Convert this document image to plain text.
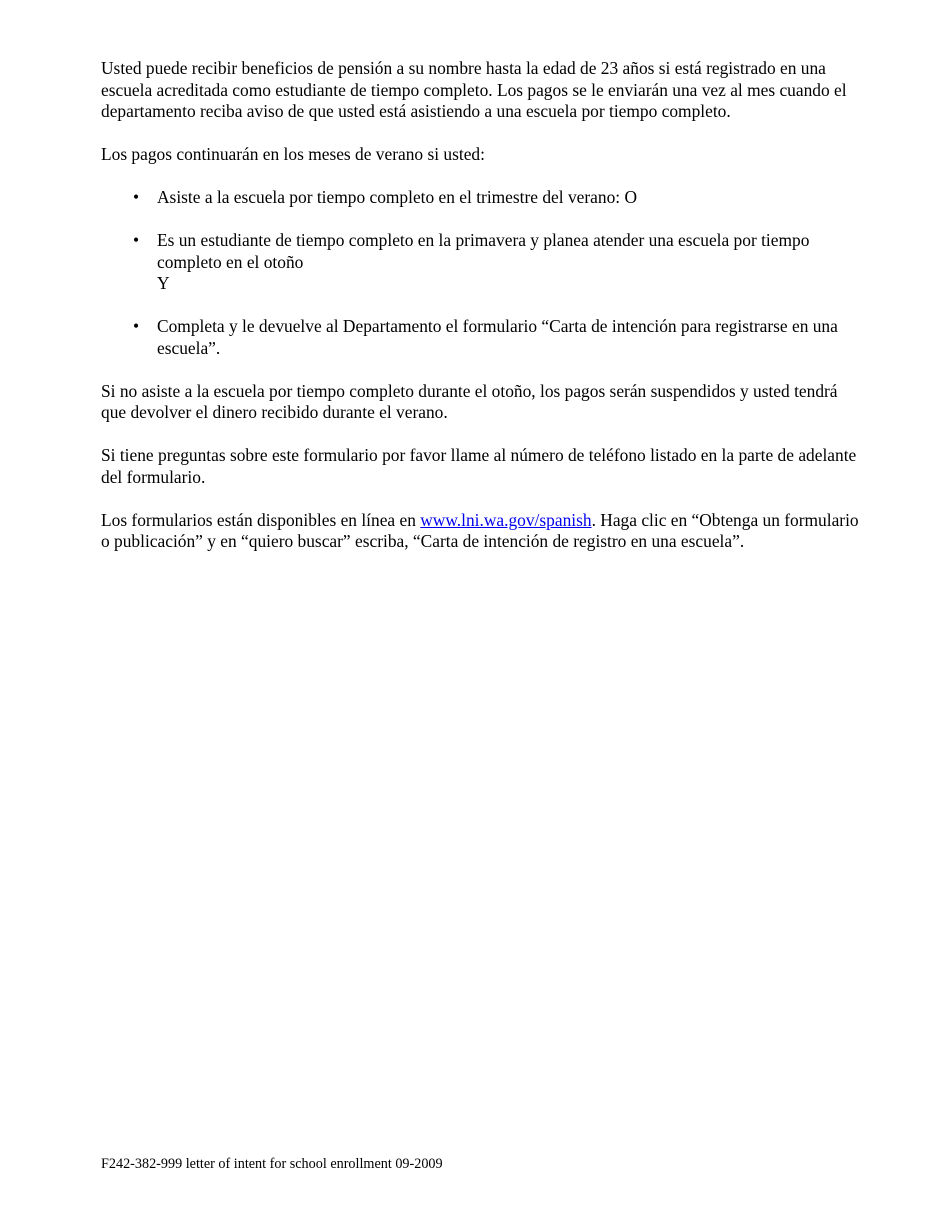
Usted puede recibir beneficios de pensión a su nombre hasta la edad de 23 años si está registrado en una escuela acreditada como estudiante de tiempo completo. Los pagos se le enviarán una vez al mes cuando el departamento reciba aviso de que usted está asistiendo a una escuela por tiempo completo.

Los pagos continuarán en los meses de verano si usted:

• Asiste a la escuela por tiempo completo en el trimestre del verano: O
• Es un estudiante de tiempo completo en la primavera y planea atender una escuela por tiempo completo en el otoño
Y
• Completa y le devuelve al Departamento el formulario “Carta de intención para registrarse en una escuela”.

Si no asiste a la escuela por tiempo completo durante el otoño, los pagos serán suspendidos y usted tendrá que devolver el dinero recibido durante el verano.

Si tiene preguntas sobre este formulario por favor llame al número de teléfono listado en la parte de adelante del formulario.

Los formularios están disponibles en línea en www.lni.wa.gov/spanish. Haga clic en “Obtenga un formulario o publicación” y en “quiero buscar” escriba, “Carta de intención de registro en una escuela”.

F242-382-999 letter of intent for school enrollment 09-2009
